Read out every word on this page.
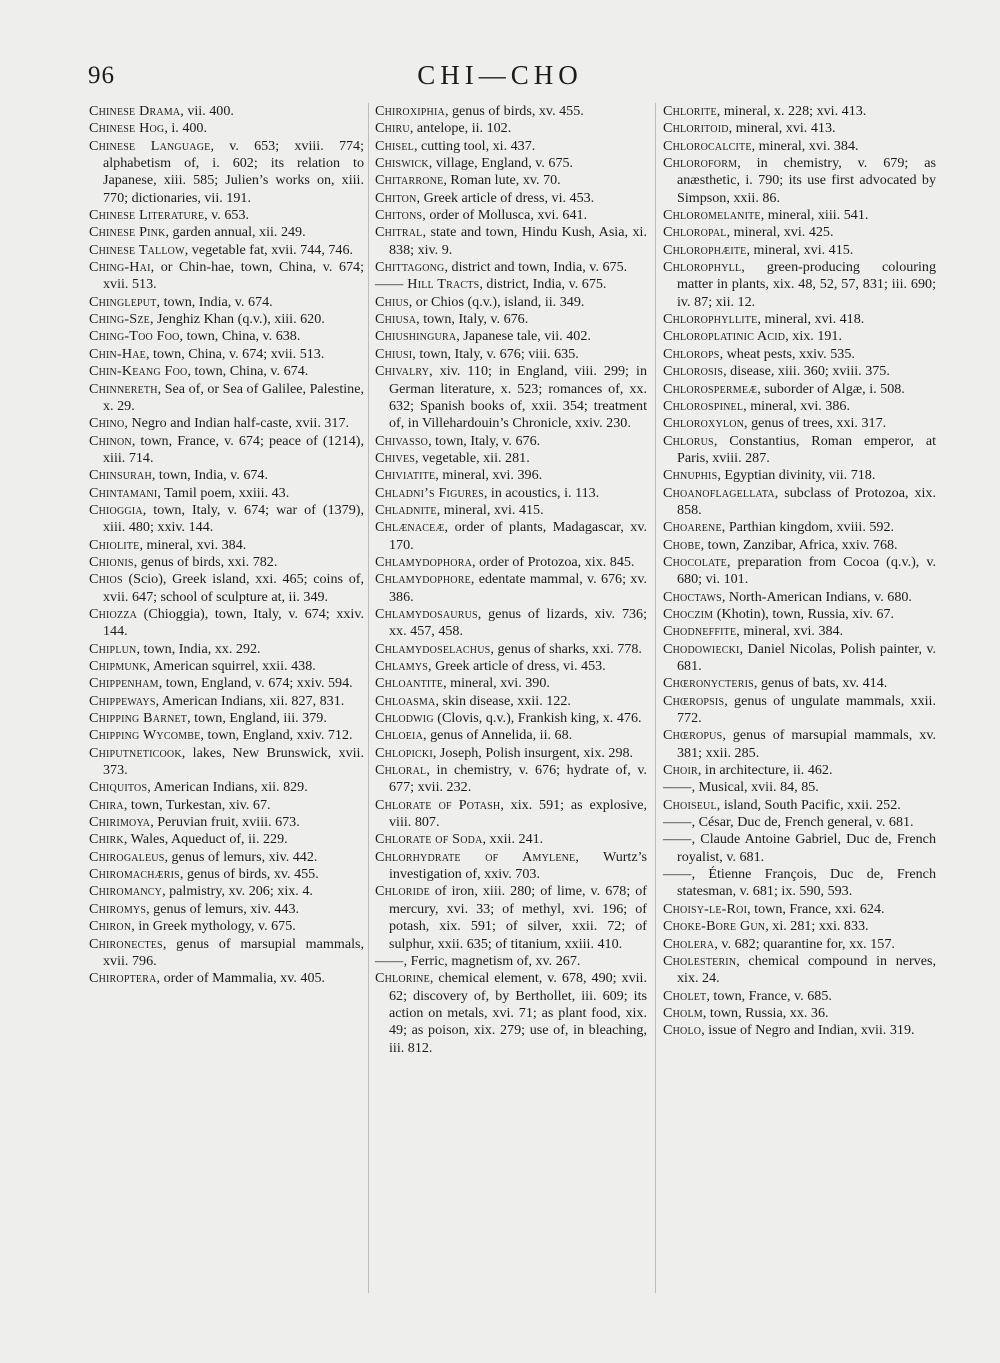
96	CHI—CHO

Chinese Drama, vii. 400.

Chinese Hog, i. 400.

Chinese Language, v. 653; xviii. 774; alphabetism of, i. 602; its relation to Japanese, xiii. 585; Julien’s works on, xiii. 770; dictionaries, vii. 191.

Chinese Literature, v. 653.

Chinese Pink, garden annual, xii. 249.

Chinese Tallow, vegetable fat, xvii. 744, 746.

Ching-Hai, or Chin-hae, town, China, v. 674; xvii. 513.

Chingleput, town, India, v. 674.

Ching-Sze, Jenghiz Khan (q.v.), xiii. 620.

Ching-Too Foo, town, China, v. 638.

Chin-Hae, town, China, v. 674; xvii. 513.

Chin-Keang Foo, town, China, v. 674.

Chinnereth, Sea of, or Sea of Galilee, Palestine, x. 29.

Chino, Negro and Indian half-caste, xvii. 317.

Chinon, town, France, v. 674; peace of (1214), xiii. 714.

Chinsurah, town, India, v. 674.

Chintamani, Tamil poem, xxiii. 43.

Chioggia, town, Italy, v. 674; war of (1379), xiii. 480; xxiv. 144.

Chiolite, mineral, xvi. 384.

Chionis, genus of birds, xxi. 782.

Chios (Scio), Greek island, xxi. 465; coins of, xvii. 647; school of sculpture at, ii. 349.

Chiozza (Chioggia), town, Italy, v. 674; xxiv. 144.

Chiplun, town, India, xx. 292.

Chipmunk, American squirrel, xxii. 438.

Chippenham, town, England, v. 674; xxiv. 594.

Chippeways, American Indians, xii. 827, 831.

Chipping Barnet, town, England, iii. 379.

Chipping Wycombe, town, England, xxiv. 712.

Chiputneticook, lakes, New Brunswick, xvii. 373.

Chiquitos, American Indians, xii. 829.

Chira, town, Turkestan, xiv. 67.

Chirimoya, Peruvian fruit, xviii. 673.

Chirk, Wales, Aqueduct of, ii. 229.

Chirogaleus, genus of lemurs, xiv. 442.

Chiromachæris, genus of birds, xv. 455.

Chiromancy, palmistry, xv. 206; xix. 4.

Chiromys, genus of lemurs, xiv. 443.

Chiron, in Greek mythology, v. 675.

Chironectes, genus of marsupial mammals, xvii. 796.

Chiroptera, order of Mammalia, xv. 405.

Chiroxiphia, genus of birds, xv. 455.

Chiru, antelope, ii. 102.

Chisel, cutting tool, xi. 437.

Chiswick, village, England, v. 675.

Chitarrone, Roman lute, xv. 70.

Chiton, Greek article of dress, vi. 453.

Chitons, order of Mollusca, xvi. 641.

Chitral, state and town, Hindu Kush, Asia, xi. 838; xiv. 9.

Chittagong, district and town, India, v. 675.

—— Hill Tracts, district, India, v. 675.

Chius, or Chios (q.v.), island, ii. 349.

Chiusa, town, Italy, v. 676.

Chiushingura, Japanese tale, vii. 402.

Chiusi, town, Italy, v. 676; viii. 635.

Chivalry, xiv. 110; in England, viii. 299; in German literature, x. 523; romances of, xx. 632; Spanish books of, xxii. 354; treatment of, in Villehardouin’s Chronicle, xxiv. 230.

Chivasso, town, Italy, v. 676.

Chives, vegetable, xii. 281.

Chiviatite, mineral, xvi. 396.

Chladni’s Figures, in acoustics, i. 113.

Chladnite, mineral, xvi. 415.

Chlænaceæ, order of plants, Madagascar, xv. 170.

Chlamydophora, order of Protozoa, xix. 845.

Chlamydophore, edentate mammal, v. 676; xv. 386.

Chlamydosaurus, genus of lizards, xiv. 736; xx. 457, 458.

Chlamydoselachus, genus of sharks, xxi. 778.

Chlamys, Greek article of dress, vi. 453.

Chloantite, mineral, xvi. 390.

Chloasma, skin disease, xxii. 122.

Chlodwig (Clovis, q.v.), Frankish king, x. 476.

Chloeia, genus of Annelida, ii. 68.

Chlopicki, Joseph, Polish insurgent, xix. 298.

Chloral, in chemistry, v. 676; hydrate of, v. 677; xvii. 232.

Chlorate of Potash, xix. 591; as explosive, viii. 807.

Chlorate of Soda, xxii. 241.

Chlorhydrate of Amylene, Wurtz’s investigation of, xxiv. 703.

Chloride of iron, xiii. 280; of lime, v. 678; of mercury, xvi. 33; of methyl, xvi. 196; of potash, xix. 591; of silver, xxii. 72; of sulphur, xxii. 635; of titanium, xxiii. 410.

——, Ferric, magnetism of, xv. 267.

Chlorine, chemical element, v. 678, 490; xvii. 62; discovery of, by Berthollet, iii. 609; its action on metals, xvi. 71; as plant food, xix. 49; as poison, xix. 279; use of, in bleaching, iii. 812.

Chlorite, mineral, x. 228; xvi. 413.

Chloritoid, mineral, xvi. 413.

Chlorocalcite, mineral, xvi. 384.

Chloroform, in chemistry, v. 679; as anæsthetic, i. 790; its use first advocated by Simpson, xxii. 86.

Chloromelanite, mineral, xiii. 541.

Chloropal, mineral, xvi. 425.

Chlorophæite, mineral, xvi. 415.

Chlorophyll, green-producing colouring matter in plants, xix. 48, 52, 57, 831; iii. 690; iv. 87; xii. 12.

Chlorophyllite, mineral, xvi. 418.

Chloroplatinic Acid, xix. 191.

Chlorops, wheat pests, xxiv. 535.

Chlorosis, disease, xiii. 360; xviii. 375.

Chlorospermeæ, suborder of Algæ, i. 508.

Chlorospinel, mineral, xvi. 386.

Chloroxylon, genus of trees, xxi. 317.

Chlorus, Constantius, Roman emperor, at Paris, xviii. 287.

Chnuphis, Egyptian divinity, vii. 718.

Choanoflagellata, subclass of Protozoa, xix. 858.

Choarene, Parthian kingdom, xviii. 592.

Chobe, town, Zanzibar, Africa, xxiv. 768.

Chocolate, preparation from Cocoa (q.v.), v. 680; vi. 101.

Choctaws, North-American Indians, v. 680.

Choczim (Khotin), town, Russia, xiv. 67.

Chodneffite, mineral, xvi. 384.

Chodowiecki, Daniel Nicolas, Polish painter, v. 681.

Chœronycteris, genus of bats, xv. 414.

Chœropsis, genus of ungulate mammals, xxii. 772.

Chœropus, genus of marsupial mammals, xv. 381; xxii. 285.

Choir, in architecture, ii. 462.

——, Musical, xvii. 84, 85.

Choiseul, island, South Pacific, xxii. 252.

——, César, Duc de, French general, v. 681.

——, Claude Antoine Gabriel, Duc de, French royalist, v. 681.

——, Étienne François, Duc de, French statesman, v. 681; ix. 590, 593.

Choisy-le-Roi, town, France, xxi. 624.

Choke-Bore Gun, xi. 281; xxi. 833.

Cholera, v. 682; quarantine for, xx. 157.

Cholesterin, chemical compound in nerves, xix. 24.

Cholet, town, France, v. 685.

Cholm, town, Russia, xx. 36.

Cholo, issue of Negro and Indian, xvii. 319.
